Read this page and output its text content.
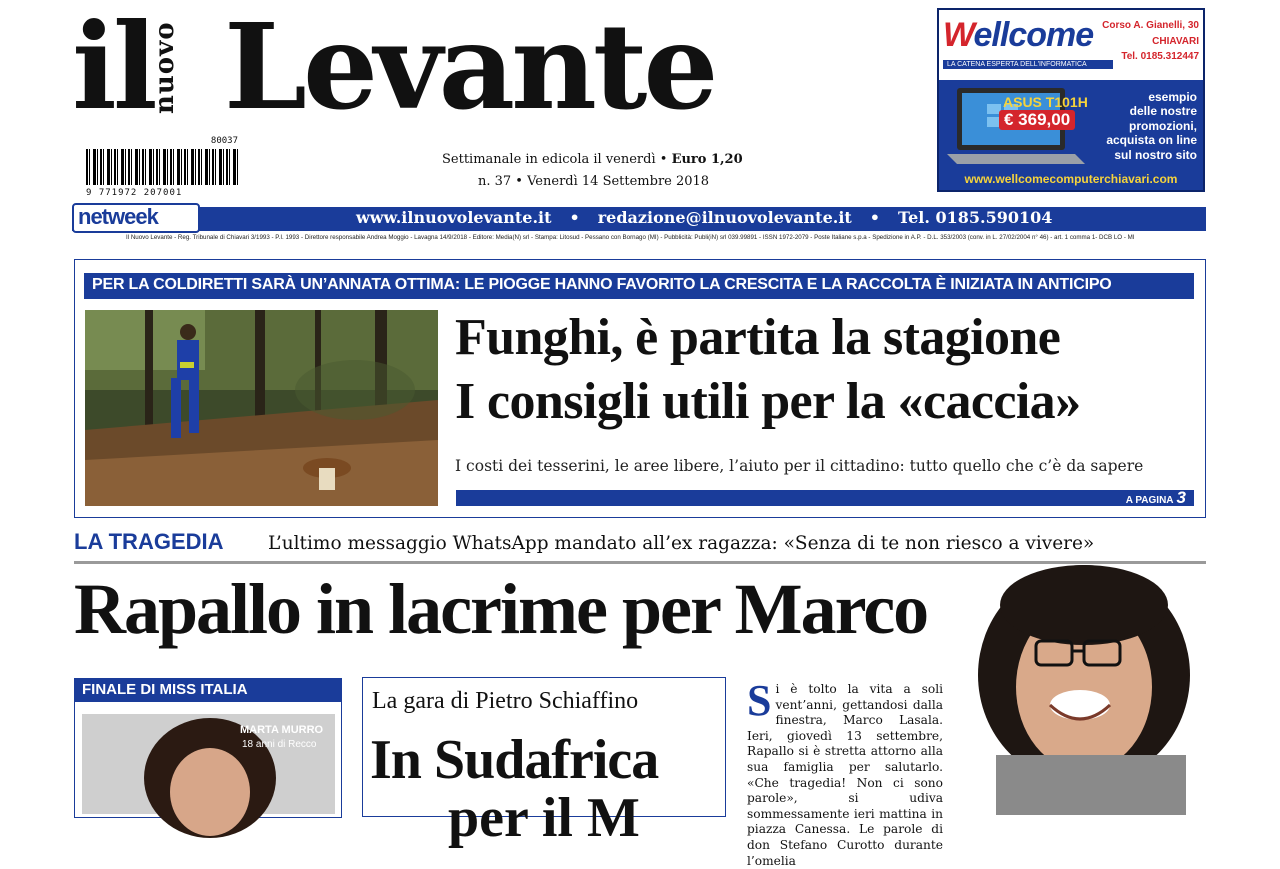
il
nuovo Levante
80037
9 771972 207001
Settimanale in edicola il venerdì • Euro 1,20
n. 37 • Venerdì 14 Settembre 2018
Wellcome
LA CATENA ESPERTA DELL'INFORMATICA
Corso A. Gianelli, 30
CHIAVARI
Tel. 0185.312447
ASUS T101H
€ 369,00
esempio
delle nostre
promozioni,
acquista on line
sul nostro sito
www.wellcomecomputerchiavari.com
netweek	www.ilnuovolevante.it • redazione@ilnuovolevante.it • Tel. 0185.590104
Il Nuovo Levante - Reg. Tribunale di Chiavari 3/1993 - P.I. 1993 - Direttore responsabile Andrea Moggio - Lavagna 14/9/2018 - Editore: Media(N) srl - Stampa: Litosud - Pessano con Bornago (MI) - Pubblicità: Publi(iN) srl 039.99891 - ISSN 1972-2079 - Poste Italiane s.p.a - Spedizione in A.P. - D.L. 353/2003 (conv. in L. 27/02/2004 n° 46) - art. 1 comma 1- DCB LO - MI
PER LA COLDIRETTI SARÀ UN’ANNATA OTTIMA: LE PIOGGE HANNO FAVORITO LA CRESCITA E LA RACCOLTA È INIZIATA IN ANTICIPO
Funghi, è partita la stagione
I consigli utili per la «caccia»
I costi dei tesserini, le aree libere, l’aiuto per il cittadino: tutto quello che c’è da sapere
A PAGINA 3
LA TRAGEDIA L’ultimo messaggio WhatsApp mandato all’ex ragazza: «Senza di te non riesco a vivere»
Rapallo in lacrime per Marco
FINALE DI MISS ITALIA
MARTA MURRO
18 anni di Recco
La gara di Pietro Schiaffino
In Sudafrica
per il M
Si è tolto la vita a soli vent’anni, gettandosi dalla finestra, Marco Lasala. Ieri, giovedì 13 settembre, Rapallo si è stretta attorno alla sua famiglia per salutarlo. «Che tragedia! Non ci sono parole», si udiva sommessamente ieri mattina in piazza Canessa. Le parole di don Stefano Curotto durante l’omelia
